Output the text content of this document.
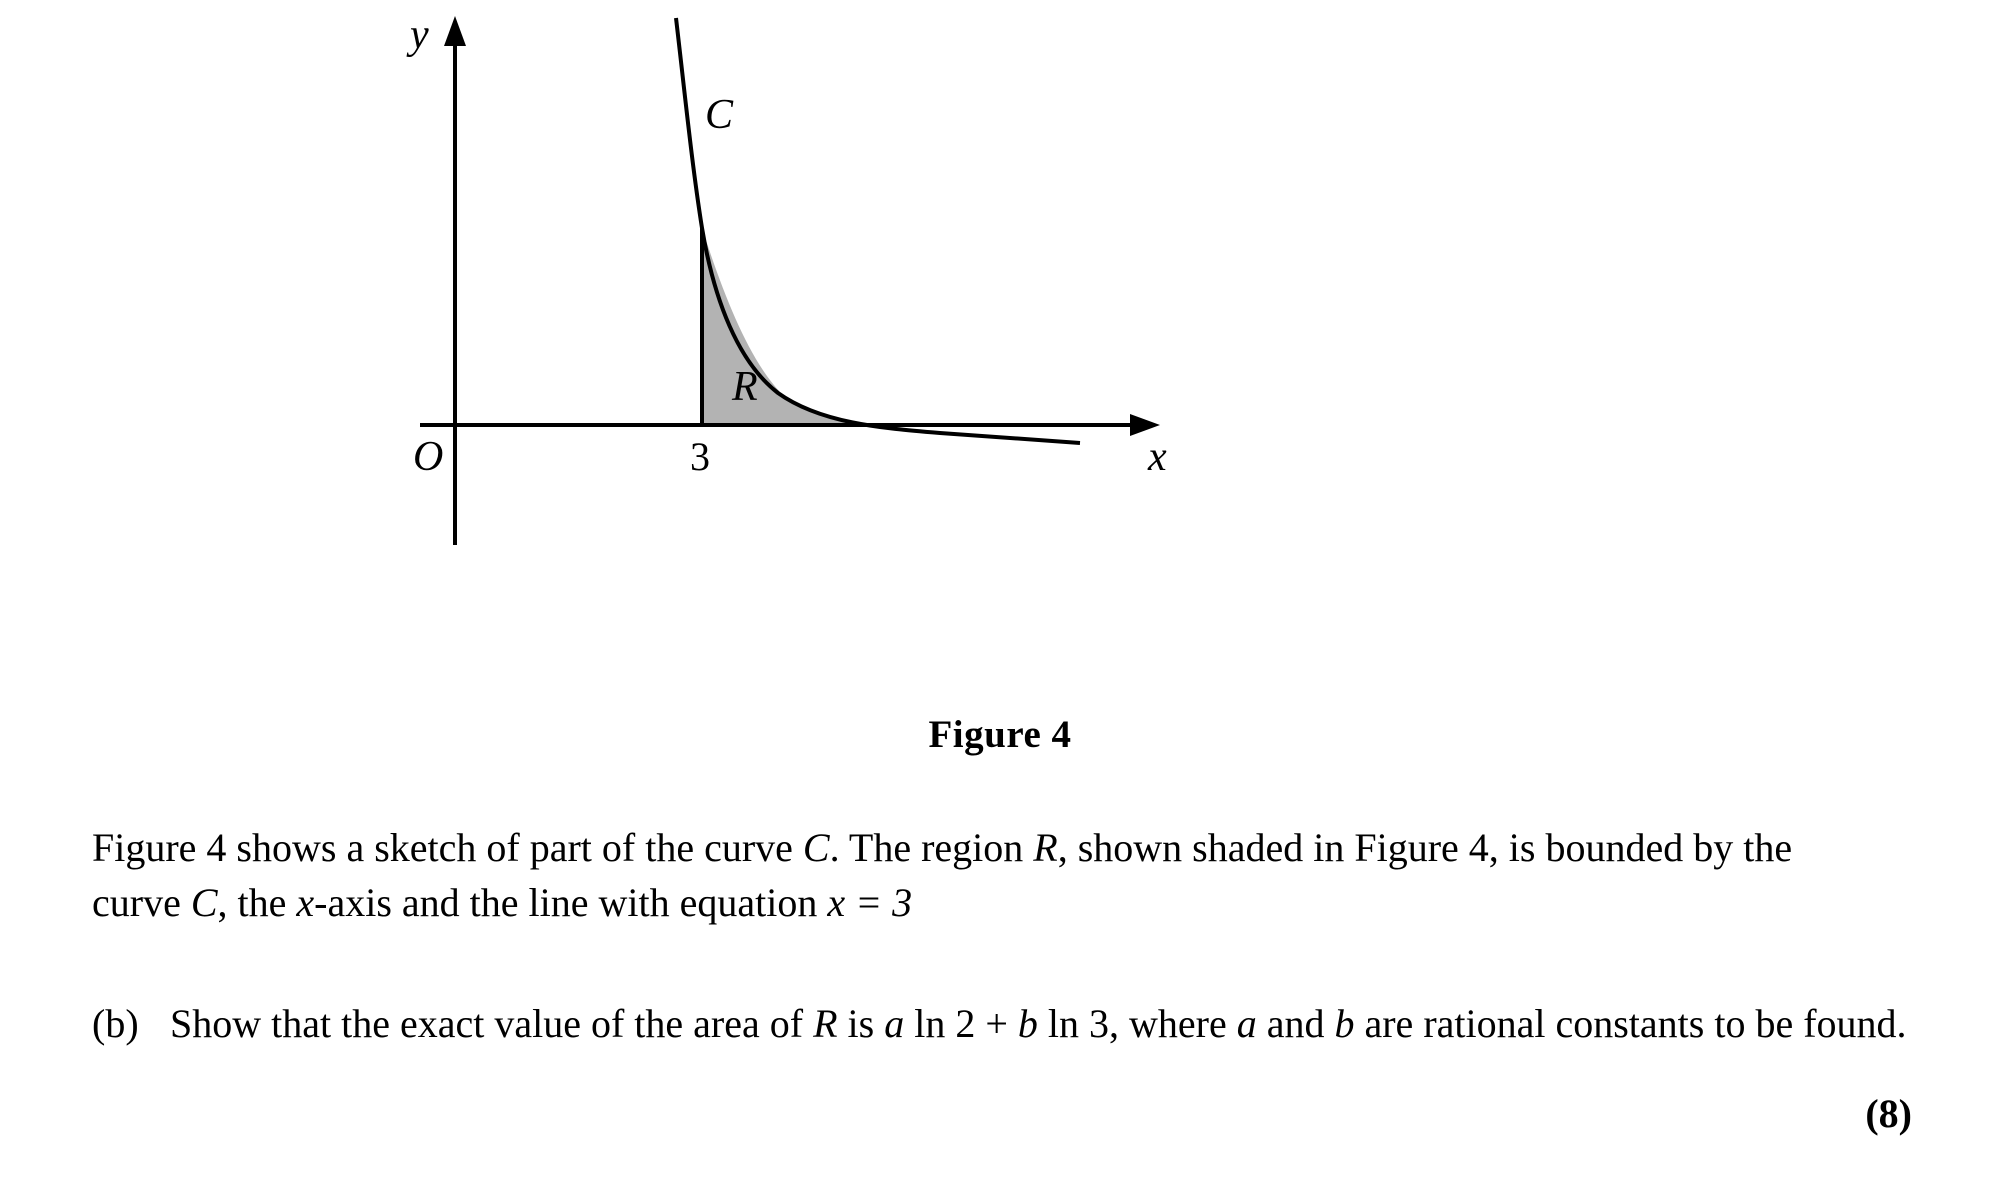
y
x
O
C
R
3
Figure 4

Figure 4 shows a sketch of part of the curve C. The region R, shown shaded in Figure 4, is bounded by the curve C, the x-axis and the line with equation x = 3

(b) Show that the exact value of the area of R is a ln 2 + b ln 3, where a and b are rational constants to be found.
(8)
